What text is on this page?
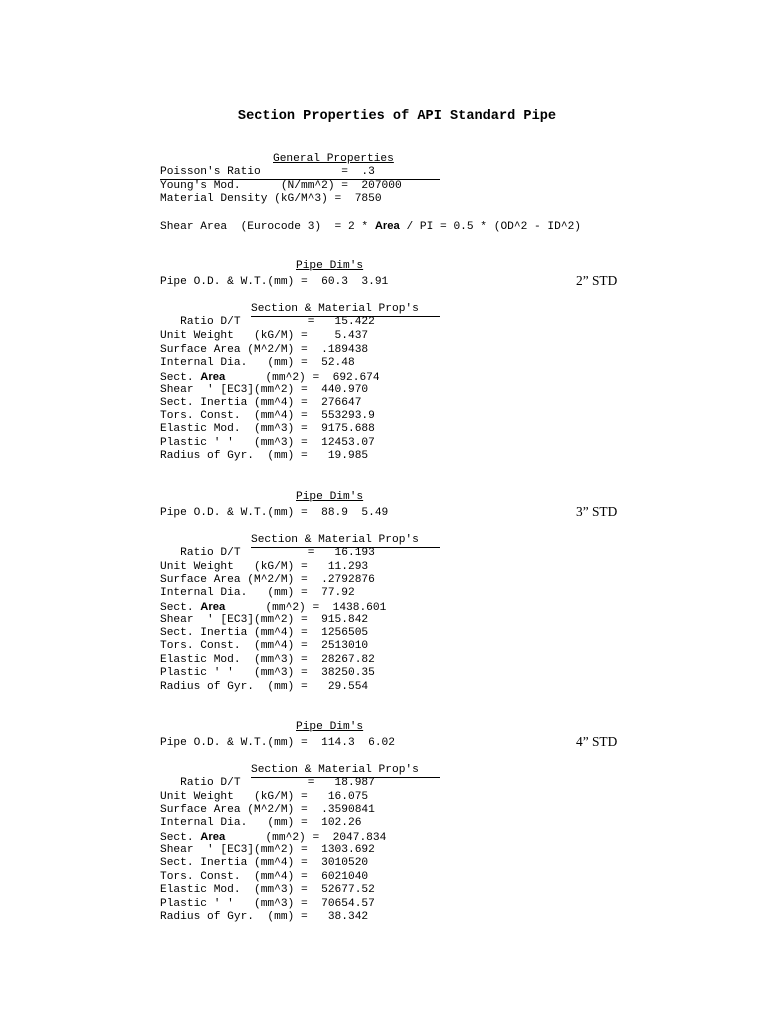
Section Properties of API Standard Pipe
General Properties
Poisson's Ratio            =  .3
Young's Mod.      (N/mm^2) =  207000
Material Density (kG/M^3) =  7850
Shear Area  (Eurocode 3)  = 2 * Area / PI = 0.5 * (OD^2 - ID^2)
Pipe Dim's
Pipe O.D. & W.T.(mm) =  60.3  3.91	2” STD
Section & Material Prop's
Ratio D/T          =   15.422
Unit Weight   (kG/M) =    5.437
Surface Area (M^2/M) =  .189438
Internal Dia.   (mm) =  52.48
Sect. Area      (mm^2) =  692.674
Shear  ' [EC3](mm^2) =  440.970
Sect. Inertia (mm^4) =  276647
Tors. Const.  (mm^4) =  553293.9
Elastic Mod.  (mm^3) =  9175.688
Plastic ' '   (mm^3) =  12453.07
Radius of Gyr.  (mm) =   19.985
Pipe Dim's
Pipe O.D. & W.T.(mm) =  88.9  5.49	3” STD
Section & Material Prop's
Ratio D/T          =   16.193
Unit Weight   (kG/M) =   11.293
Surface Area (M^2/M) =  .2792876
Internal Dia.   (mm) =  77.92
Sect. Area      (mm^2) =  1438.601
Shear  ' [EC3](mm^2) =  915.842
Sect. Inertia (mm^4) =  1256505
Tors. Const.  (mm^4) =  2513010
Elastic Mod.  (mm^3) =  28267.82
Plastic ' '   (mm^3) =  38250.35
Radius of Gyr.  (mm) =   29.554
Pipe Dim's
Pipe O.D. & W.T.(mm) =  114.3  6.02	4” STD
Section & Material Prop's
Ratio D/T          =   18.987
Unit Weight   (kG/M) =   16.075
Surface Area (M^2/M) =  .3590841
Internal Dia.   (mm) =  102.26
Sect. Area      (mm^2) =  2047.834
Shear  ' [EC3](mm^2) =  1303.692
Sect. Inertia (mm^4) =  3010520
Tors. Const.  (mm^4) =  6021040
Elastic Mod.  (mm^3) =  52677.52
Plastic ' '   (mm^3) =  70654.57
Radius of Gyr.  (mm) =   38.342
